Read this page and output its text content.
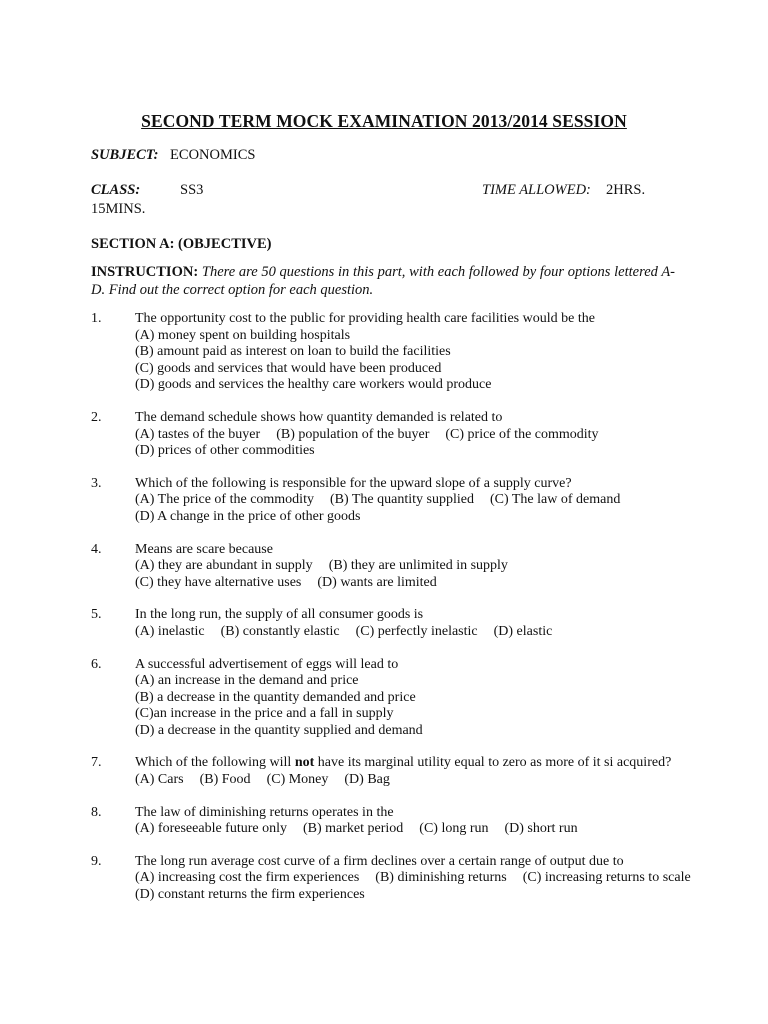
SECOND TERM MOCK EXAMINATION 2013/2014 SESSION
SUBJECT: ECONOMICS
CLASS:	SS3	TIME ALLOWED: 2HRS.
15MINS.
SECTION A: (OBJECTIVE)
INSTRUCTION: There are 50 questions in this part, with each followed by four options lettered A- D. Find out the correct option for each question.
1. The opportunity cost to the public for providing health care facilities would be the
(A) money spent on building hospitals
(B) amount paid as interest on loan to build the facilities
(C) goods and services that would have been produced
(D) goods and services the healthy care workers would produce
2. The demand schedule shows how quantity demanded is related to
(A) tastes of the buyer (B) population of the buyer (C) price of the commodity
(D) prices of other commodities
3. Which of the following is responsible for the upward slope of a supply curve?
(A) The price of the commodity (B) The quantity supplied (C) The law of demand
(D) A change in the price of other goods
4. Means are scare because
(A) they are abundant in supply (B) they are unlimited in supply
(C) they have alternative uses (D) wants are limited
5. In the long run, the supply of all consumer goods is
(A) inelastic (B) constantly elastic (C) perfectly inelastic (D) elastic
6. A successful advertisement of eggs will lead to
(A) an increase in the demand and price
(B) a decrease in the quantity demanded and price
(C)an increase in the price and a fall in supply
(D) a decrease in the quantity supplied and demand
7. Which of the following will not have its marginal utility equal to zero as more of it si acquired?
(A) Cars (B) Food (C) Money (D) Bag
8. The law of diminishing returns operates in the
(A) foreseeable future only (B) market period (C) long run (D) short run
9. The long run average cost curve of a firm declines over a certain range of output due to
(A) increasing cost the firm experiences (B) diminishing returns (C) increasing returns to scale
(D) constant returns the firm experiences
